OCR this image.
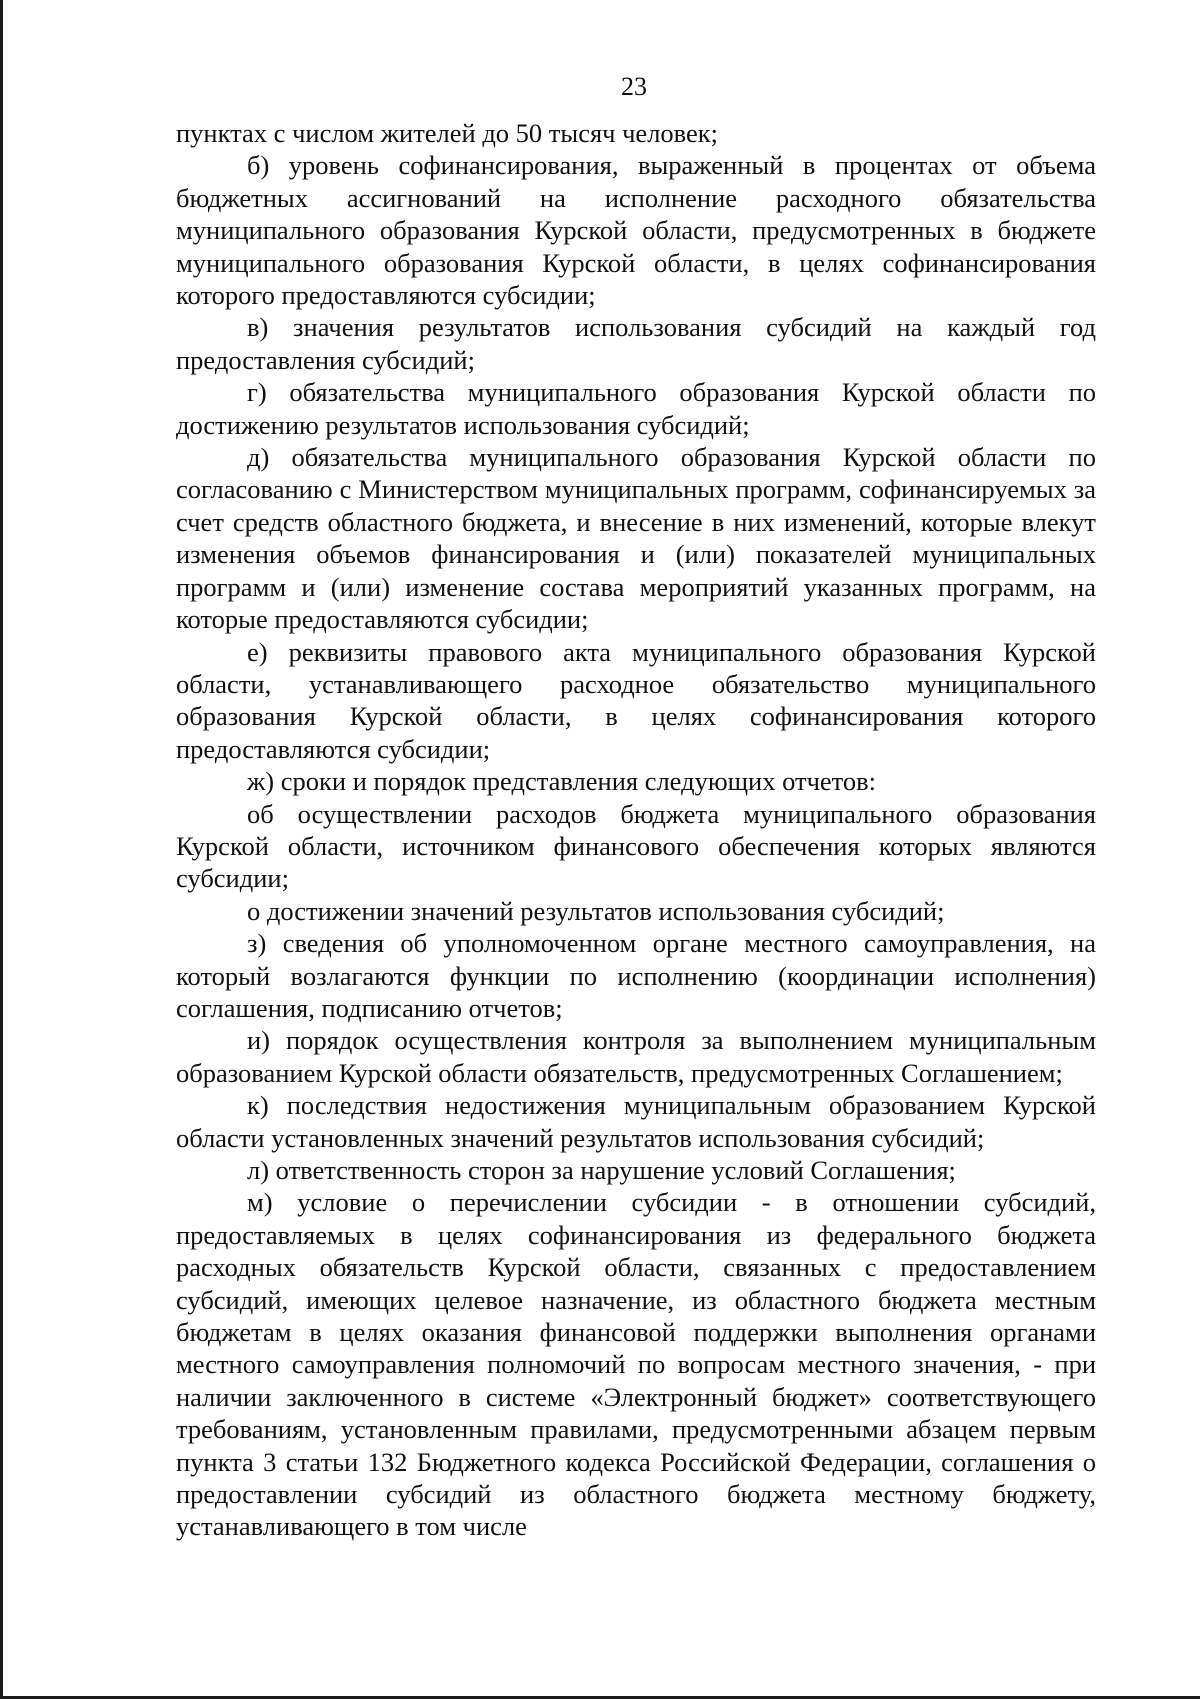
23

пунктах с числом жителей до 50 тысяч человек;

б) уровень софинансирования, выраженный в процентах от объема бюджетных ассигнований на исполнение расходного обязательства муниципального образования Курской области, предусмотренных в бюджете муниципального образования Курской области, в целях софинансирования которого предоставляются субсидии;

в) значения результатов использования субсидий на каждый год предоставления субсидий;

г) обязательства муниципального образования Курской области по достижению результатов использования субсидий;

д) обязательства муниципального образования Курской области по согласованию с Министерством муниципальных программ, софинансируемых за счет средств областного бюджета, и внесение в них изменений, которые влекут изменения объемов финансирования и (или) показателей муниципальных программ и (или) изменение состава мероприятий указанных программ, на которые предоставляются субсидии;

е) реквизиты правового акта муниципального образования Курской области, устанавливающего расходное обязательство муниципального образования Курской области, в целях софинансирования которого предоставляются субсидии;

ж) сроки и порядок представления следующих отчетов:

об осуществлении расходов бюджета муниципального образования Курской области, источником финансового обеспечения которых являются субсидии;

о достижении значений результатов использования субсидий;

з) сведения об уполномоченном органе местного самоуправления, на который возлагаются функции по исполнению (координации исполнения) соглашения, подписанию отчетов;

и) порядок осуществления контроля за выполнением муниципальным образованием Курской области обязательств, предусмотренных Соглашением;

к) последствия недостижения муниципальным образованием Курской области установленных значений результатов использования субсидий;

л) ответственность сторон за нарушение условий Соглашения;

м) условие о перечислении субсидии - в отношении субсидий, предоставляемых в целях софинансирования из федерального бюджета расходных обязательств Курской области, связанных с предоставлением субсидий, имеющих целевое назначение, из областного бюджета местным бюджетам в целях оказания финансовой поддержки выполнения органами местного самоуправления полномочий по вопросам местного значения, - при наличии заключенного в системе «Электронный бюджет» соответствующего требованиям, установленным правилами, предусмотренными абзацем первым пункта 3 статьи 132 Бюджетного кодекса Российской Федерации, соглашения о предоставлении субсидий из областного бюджета местному бюджету, устанавливающего в том числе
